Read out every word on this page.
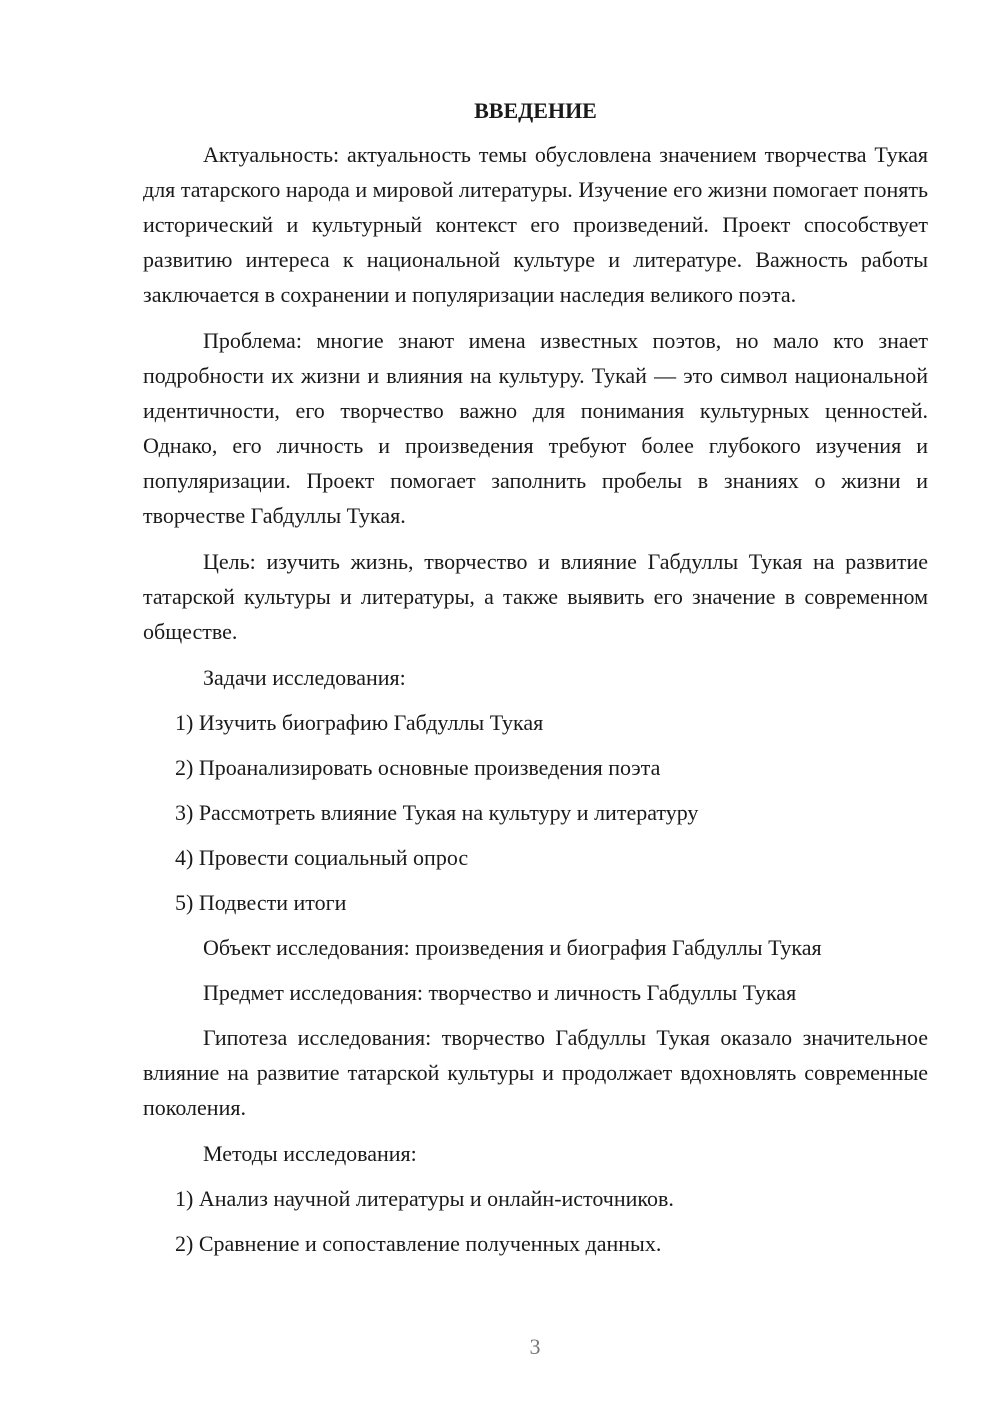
ВВЕДЕНИЕ

Актуальность: актуальность темы обусловлена значением творчества Тукая для татарского народа и мировой литературы. Изучение его жизни помогает понять исторический и культурный контекст его произведений. Проект способствует развитию интереса к национальной культуре и литературе. Важность работы заключается в сохранении и популяризации наследия великого поэта.

Проблема: многие знают имена известных поэтов, но мало кто знает подробности их жизни и влияния на культуру. Тукай — это символ национальной идентичности, его творчество важно для понимания культурных ценностей. Однако, его личность и произведения требуют более глубокого изучения и популяризации. Проект помогает заполнить пробелы в знаниях о жизни и творчестве Габдуллы Тукая.

Цель: изучить жизнь, творчество и влияние Габдуллы Тукая на развитие татарской культуры и литературы, а также выявить его значение в современном обществе.

Задачи исследования:
1) Изучить биографию Габдуллы Тукая
2) Проанализировать основные произведения поэта
3) Рассмотреть влияние Тукая на культуру и литературу
4) Провести социальный опрос
5) Подвести итоги
Объект исследования: произведения и биография Габдуллы Тукая
Предмет исследования: творчество и личность Габдуллы Тукая

Гипотеза исследования: творчество Габдуллы Тукая оказало значительное влияние на развитие татарской культуры и продолжает вдохновлять современные поколения.

Методы исследования:
1) Анализ научной литературы и онлайн-источников.
2) Сравнение и сопоставление полученных данных.
3
